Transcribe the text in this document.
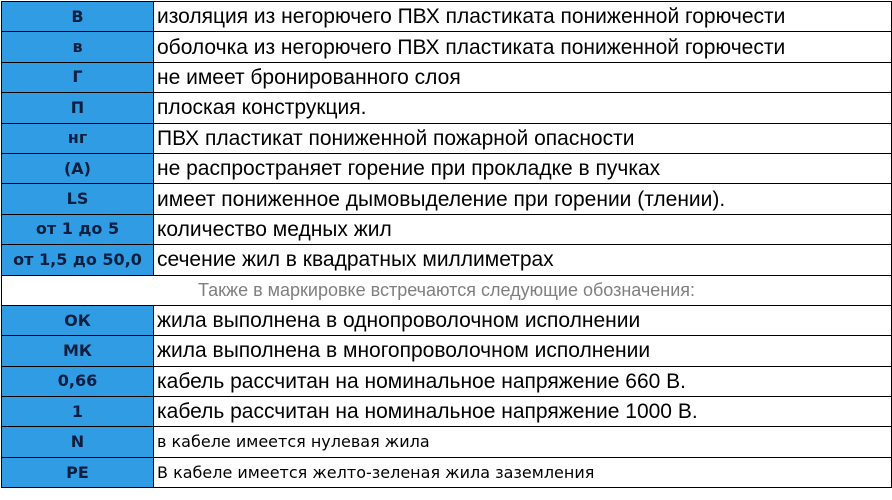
В	изоляция из негорючего ПВХ пластиката пониженной горючести
в	оболочка из негорючего ПВХ пластиката пониженной горючести
Г	не имеет бронированного слоя
П	плоская конструкция.
нг	ПВХ пластикат пониженной пожарной опасности
(А)	не распространяет горение при прокладке в пучках
LS	имеет пониженное дымовыделение при горении (тлении).
от 1 до 5	количество медных жил
от 1,5 до 50,0	сечение жил в квадратных миллиметрах
Также в маркировке встречаются следующие обозначения:	
ОК	жила выполнена в однопроволочном исполнении
МК	жила выполнена в многопроволочном исполнении
0,66	кабель рассчитан на номинальное напряжение 660 В.
1	кабель рассчитан на номинальное напряжение 1000 В.
N	в кабеле имеется нулевая жила
PE	В кабеле имеется желто-зеленая жила заземления
